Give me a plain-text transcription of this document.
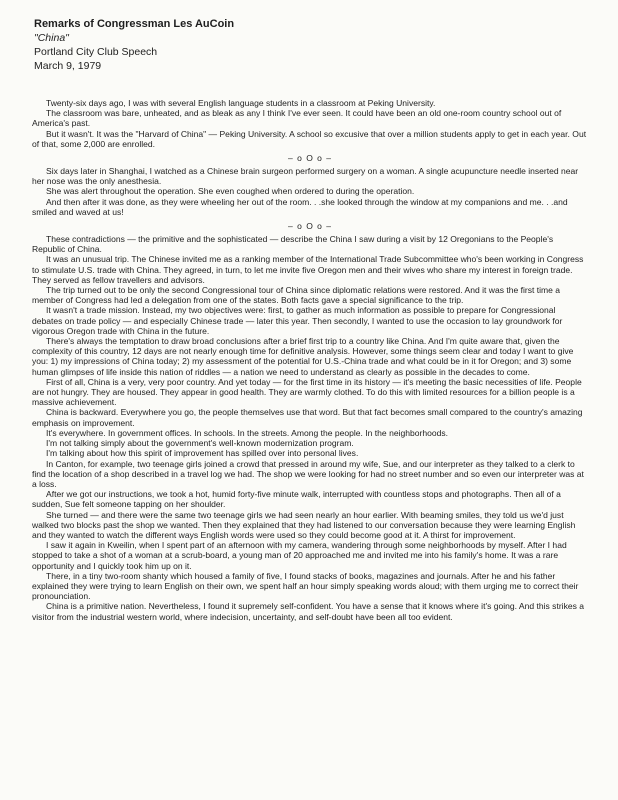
Remarks of Congressman Les AuCoin
"China"
Portland City Club Speech
March 9, 1979

Twenty-six days ago, I was with several English language students in a classroom at Peking University.

The classroom was bare, unheated, and as bleak as any I think I've ever seen. It could have been an old one-room country school out of America's past.

But it wasn't. It was the "Harvard of China" — Peking University. A school so excusive that over a million students apply to get in each year. Out of that, some 2,000 are enrolled.

– o O o –

Six days later in Shanghai, I watched as a Chinese brain surgeon performed surgery on a woman. A single acupuncture needle inserted near her nose was the only anesthesia.

She was alert throughout the operation. She even coughed when ordered to during the operation.

And then after it was done, as they were wheeling her out of the room. . .she looked through the window at my companions and me. . .and smiled and waved at us!

– o O o –

These contradictions — the primitive and the sophisticated — describe the China I saw during a visit by 12 Oregonians to the People's Republic of China.

It was an unusual trip. The Chinese invited me as a ranking member of the International Trade Subcommittee who's been working in Congress to stimulate U.S. trade with China. They agreed, in turn, to let me invite five Oregon men and their wives who share my interest in foreign trade. They served as fellow travellers and advisors.

The trip turned out to be only the second Congressional tour of China since diplomatic relations were restored. And it was the first time a member of Congress had led a delegation from one of the states. Both facts gave a special significance to the trip.

It wasn't a trade mission. Instead, my two objectives were: first, to gather as much information as possible to prepare for Congressional debates on trade policy — and especially Chinese trade — later this year. Then secondly, I wanted to use the occasion to lay groundwork for vigorous Oregon trade with China in the future.

There's always the temptation to draw broad conclusions after a brief first trip to a country like China. And I'm quite aware that, given the complexity of this country, 12 days are not nearly enough time for definitive analysis. However, some things seem clear and today I want to give you: 1) my impressions of China today; 2) my assessment of the potential for U.S.-China trade and what could be in it for Oregon; and 3) some human glimpses of life inside this nation of riddles — a nation we need to understand as clearly as possible in the decades to come.

First of all, China is a very, very poor country. And yet today — for the first time in its history — it's meeting the basic necessities of life. People are not hungry. They are housed. They appear in good health. They are warmly clothed. To do this with limited resources for a billion people is a massive achievement.

China is backward. Everywhere you go, the people themselves use that word. But that fact becomes small compared to the country's amazing emphasis on improvement.

It's everywhere. In government offices. In schools. In the streets. Among the people. In the neighborhoods.

I'm not talking simply about the government's well-known modernization program.

I'm talking about how this spirit of improvement has spilled over into personal lives.

In Canton, for example, two teenage girls joined a crowd that pressed in around my wife, Sue, and our interpreter as they talked to a clerk to find the location of a shop described in a travel log we had. The shop we were looking for had no street number and so even our interpreter was at a loss.

After we got our instructions, we took a hot, humid forty-five minute walk, interrupted with countless stops and photographs. Then all of a sudden, Sue felt someone tapping on her shoulder.

She turned — and there were the same two teenage girls we had seen nearly an hour earlier. With beaming smiles, they told us we'd just walked two blocks past the shop we wanted. Then they explained that they had listened to our conversation because they were learning English and they wanted to watch the different ways English words were used so they could become good at it. A thirst for improvement.

I saw it again in Kweilin, when I spent part of an afternoon with my camera, wandering through some neighborhoods by myself. After I had stopped to take a shot of a woman at a scrub-board, a young man of 20 approached me and invited me into his family's home. It was a rare opportunity and I quickly took him up on it.

There, in a tiny two-room shanty which housed a family of five, I found stacks of books, magazines and journals. After he and his father explained they were trying to learn English on their own, we spent half an hour simply speaking words aloud; with them urging me to correct their pronounciation.

China is a primitive nation. Nevertheless, I found it supremely self-confident. You have a sense that it knows where it's going. And this strikes a visitor from the industrial western world, where indecision, uncertainty, and self-doubt have been all too evident.
